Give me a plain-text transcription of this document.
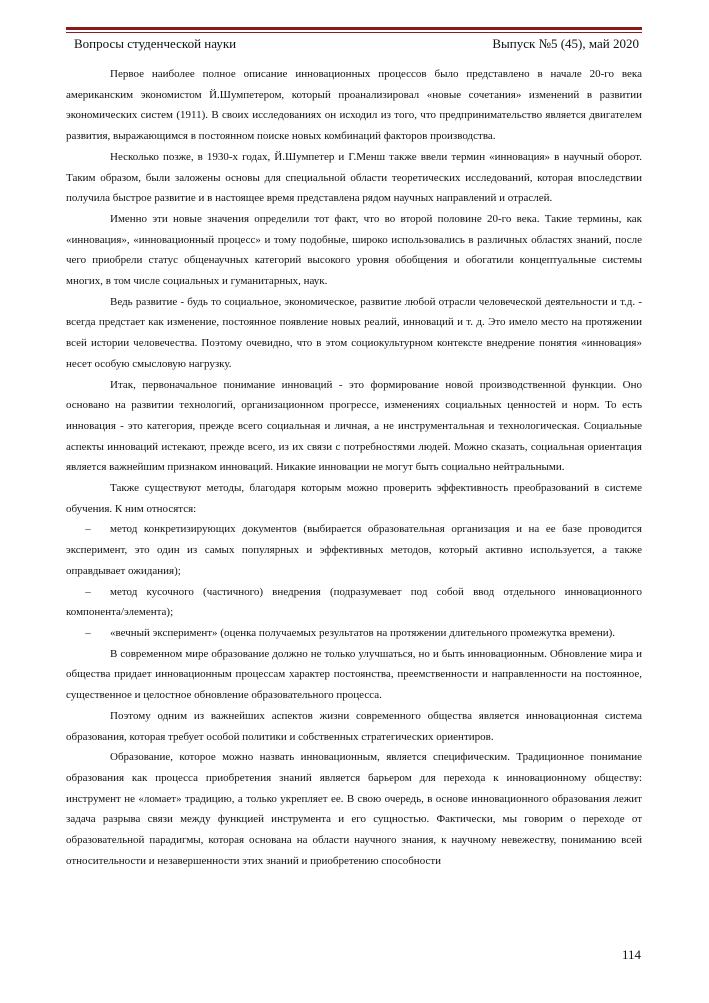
Вопросы студенческой науки	Выпуск №5 (45), май 2020

Первое наиболее полное описание инновационных процессов было представлено в начале 20-го века американским экономистом Й.Шумпетером, который проанализировал «новые сочетания» изменений в развитии экономических систем (1911). В своих исследованиях он исходил из того, что предпринимательство является двигателем развития, выражающимся в постоянном поиске новых комбинаций факторов производства.

Несколько позже, в 1930-х годах, Й.Шумпетер и Г.Менш также ввели термин «инновация» в научный оборот. Таким образом, были заложены основы для специальной области теоретических исследований, которая впоследствии получила быстрое развитие и в настоящее время представлена рядом научных направлений и отраслей.

Именно эти новые значения определили тот факт, что во второй половине 20-го века. Такие термины, как «инновация», «инновационный процесс» и тому подобные, широко использовались в различных областях знаний, после чего приобрели статус общенаучных категорий высокого уровня обобщения и обогатили концептуальные системы многих, в том числе социальных и гуманитарных, наук.

Ведь развитие - будь то социальное, экономическое, развитие любой отрасли человеческой деятельности и т.д. - всегда предстает как изменение, постоянное появление новых реалий, инноваций и т. д. Это имело место на протяжении всей истории человечества. Поэтому очевидно, что в этом социокультурном контексте внедрение понятия «инновация» несет особую смысловую нагрузку.

Итак, первоначальное понимание инноваций - это формирование новой производственной функции. Оно основано на развитии технологий, организационном прогрессе, изменениях социальных ценностей и норм. То есть инновация - это категория, прежде всего социальная и личная, а не инструментальная и технологическая. Социальные аспекты инноваций истекают, прежде всего, из их связи с потребностями людей. Можно сказать, социальная ориентация является важнейшим признаком инноваций. Никакие инновации не могут быть социально нейтральными.

Также существуют методы, благодаря которым можно проверить эффективность преобразований в системе обучения. К ним относятся:

– метод конкретизирующих документов (выбирается образовательная организация и на ее базе проводится эксперимент, это один из самых популярных и эффективных методов, который активно используется, а также оправдывает ожидания);

– метод кусочного (частичного) внедрения (подразумевает под собой ввод отдельного инновационного компонента/элемента);

– «вечный эксперимент» (оценка получаемых результатов на протяжении длительного промежутка времени).

В современном мире образование должно не только улучшаться, но и быть инновационным. Обновление мира и общества придает инновационным процессам характер постоянства, преемственности и направленности на постоянное, существенное и целостное обновление образовательного процесса.

Поэтому одним из важнейших аспектов жизни современного общества является инновационная система образования, которая требует особой политики и собственных стратегических ориентиров.

Образование, которое можно назвать инновационным, является специфическим. Традиционное понимание образования как процесса приобретения знаний является барьером для перехода к инновационному обществу: инструмент не «ломает» традицию, а только укрепляет ее. В свою очередь, в основе инновационного образования лежит задача разрыва связи между функцией инструмента и его сущностью. Фактически, мы говорим о переходе от образовательной парадигмы, которая основана на области научного знания, к научному невежеству, пониманию всей относительности и незавершенности этих знаний и приобретению способности

114
